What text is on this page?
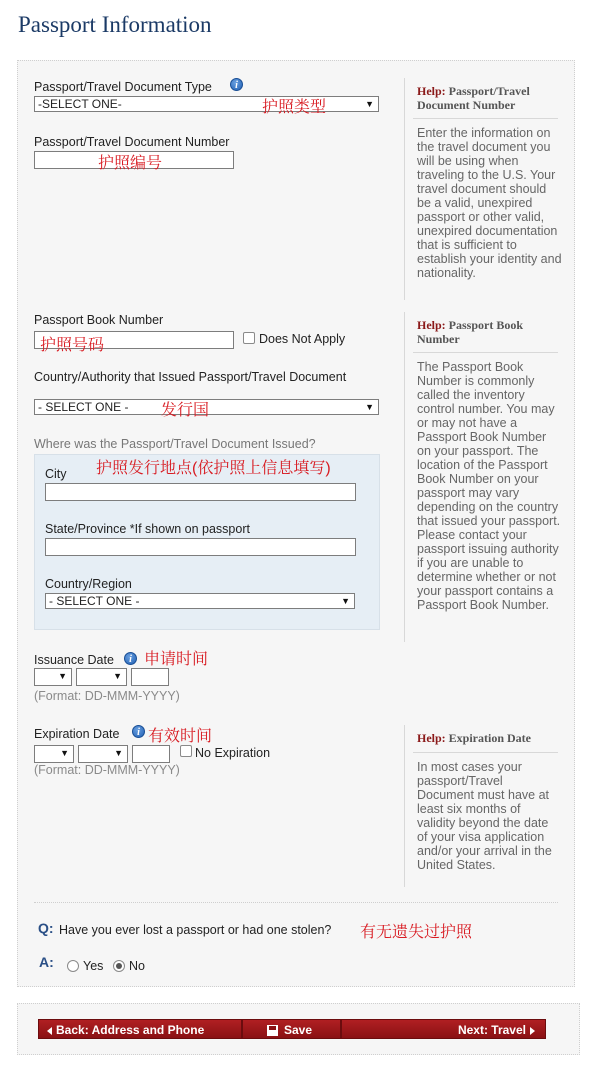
Passport Information
Passport/Travel Document Type	i
-SELECT ONE-	▼
护照类型
Passport/Travel Document Number
护照编号
Help: Passport/Travel Document Number
Enter the information on the travel document you will be using when traveling to the U.S. Your travel document should be a valid, unexpired passport or other valid, unexpired documentation that is sufficient to establish your identity and nationality.
Passport Book Number
护照号码	Does Not Apply
Help: Passport Book Number
The Passport Book Number is commonly called the inventory control number. You may or may not have a Passport Book Number on your passport. The location of the Passport Book Number on your passport may vary depending on the country that issued your passport. Please contact your passport issuing authority if you are unable to determine whether or not your passport contains a Passport Book Number.
Country/Authority that Issued Passport/Travel Document
- SELECT ONE -	▼
发行国
Where was the Passport/Travel Document Issued?
护照发行地点(依护照上信息填写)
City
State/Province *If shown on passport
Country/Region
- SELECT ONE -	▼
Issuance Date	i 申请时间
▼	▼
(Format: DD-MMM-YYYY)
Expiration Date	i 有效时间
▼	▼	No Expiration
(Format: DD-MMM-YYYY)
Help: Expiration Date
In most cases your passport/Travel Document must have at least six months of validity beyond the date of your visa application and/or your arrival in the United States.
Q: Have you ever lost a passport or had one stolen? 有无遗失过护照
A: Yes No
Back: Address and Phone	Save	Next: Travel
